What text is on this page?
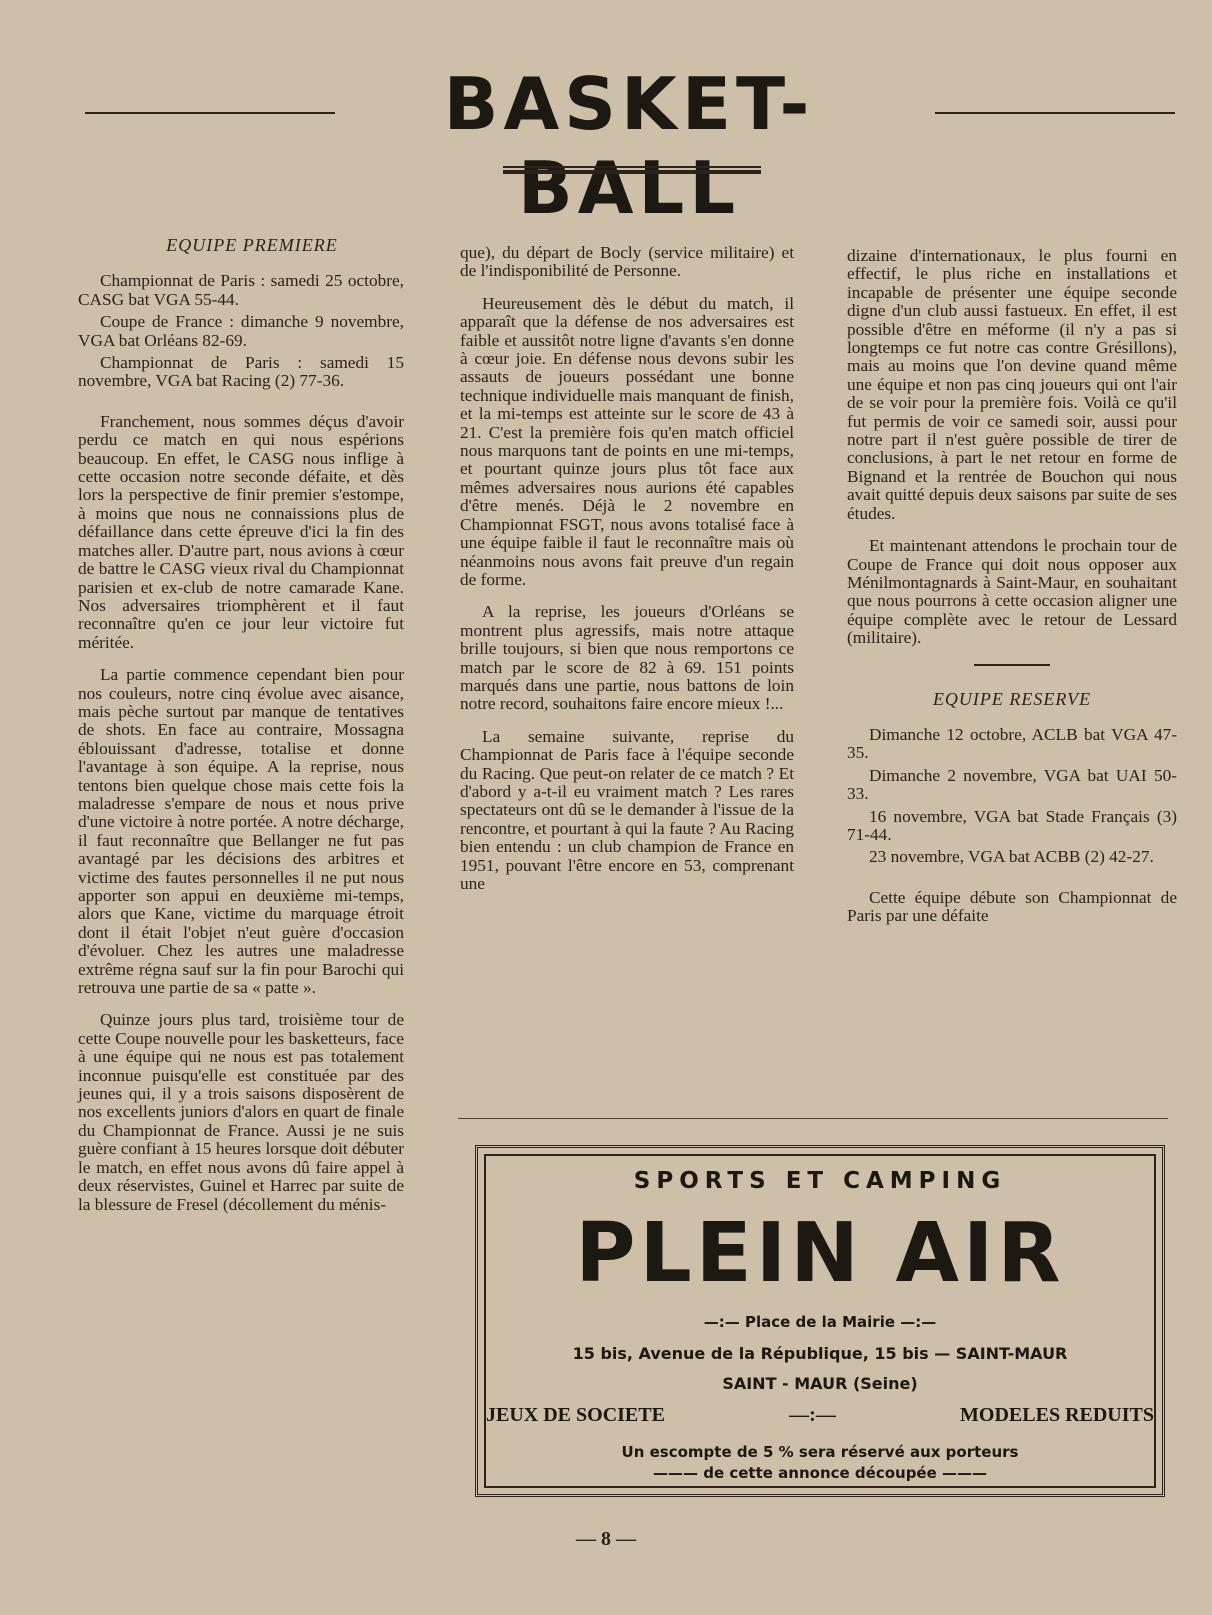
BASKET-BALL
EQUIPE PREMIERE

Championnat de Paris : samedi 25 octobre, CASG bat VGA 55-44.

Coupe de France : dimanche 9 novembre, VGA bat Orléans 82-69.

Championnat de Paris : samedi 15 novembre, VGA bat Racing (2) 77-36.

Franchement, nous sommes déçus d'avoir perdu ce match en qui nous espérions beaucoup. En effet, le CASG nous inflige à cette occasion notre seconde défaite, et dès lors la perspective de finir premier s'estompe, à moins que nous ne connaissions plus de défaillance dans cette épreuve d'ici la fin des matches aller. D'autre part, nous avions à cœur de battre le CASG vieux rival du Championnat parisien et ex-club de notre camarade Kane. Nos adversaires triomphèrent et il faut reconnaître qu'en ce jour leur victoire fut méritée.

La partie commence cependant bien pour nos couleurs, notre cinq évolue avec aisance, mais pèche surtout par manque de tentatives de shots. En face au contraire, Mossagna éblouissant d'adresse, totalise et donne l'avantage à son équipe. A la reprise, nous tentons bien quelque chose mais cette fois la maladresse s'empare de nous et nous prive d'une victoire à notre portée. A notre décharge, il faut reconnaître que Bellanger ne fut pas avantagé par les décisions des arbitres et victime des fautes personnelles il ne put nous apporter son appui en deuxième mi-temps, alors que Kane, victime du marquage étroit dont il était l'objet n'eut guère d'occasion d'évoluer. Chez les autres une maladresse extrême régna sauf sur la fin pour Barochi qui retrouva une partie de sa « patte ».

Quinze jours plus tard, troisième tour de cette Coupe nouvelle pour les basketteurs, face à une équipe qui ne nous est pas totalement inconnue puisqu'elle est constituée par des jeunes qui, il y a trois saisons disposèrent de nos excellents juniors d'alors en quart de finale du Championnat de France. Aussi je ne suis guère confiant à 15 heures lorsque doit débuter le match, en effet nous avons dû faire appel à deux réservistes, Guinel et Harrec par suite de la blessure de Fresel (décollement du ménis-

que), du départ de Bocly (service militaire) et de l'indisponibilité de Personne.

Heureusement dès le début du match, il apparaît que la défense de nos adversaires est faible et aussitôt notre ligne d'avants s'en donne à cœur joie. En défense nous devons subir les assauts de joueurs possédant une bonne technique individuelle mais manquant de finish, et la mi-temps est atteinte sur le score de 43 à 21. C'est la première fois qu'en match officiel nous marquons tant de points en une mi-temps, et pourtant quinze jours plus tôt face aux mêmes adversaires nous aurions été capables d'être menés. Déjà le 2 novembre en Championnat FSGT, nous avons totalisé face à une équipe faible il faut le reconnaître mais où néanmoins nous avons fait preuve d'un regain de forme.

A la reprise, les joueurs d'Orléans se montrent plus agressifs, mais notre attaque brille toujours, si bien que nous remportons ce match par le score de 82 à 69. 151 points marqués dans une partie, nous battons de loin notre record, souhaitons faire encore mieux !...

La semaine suivante, reprise du Championnat de Paris face à l'équipe seconde du Racing. Que peut-on relater de ce match ? Et d'abord y a-t-il eu vraiment match ? Les rares spectateurs ont dû se le demander à l'issue de la rencontre, et pourtant à qui la faute ? Au Racing bien entendu : un club champion de France en 1951, pouvant l'être encore en 53, comprenant une

dizaine d'internationaux, le plus fourni en effectif, le plus riche en installations et incapable de présenter une équipe seconde digne d'un club aussi fastueux. En effet, il est possible d'être en méforme (il n'y a pas si longtemps ce fut notre cas contre Grésillons), mais au moins que l'on devine quand même une équipe et non pas cinq joueurs qui ont l'air de se voir pour la première fois. Voilà ce qu'il fut permis de voir ce samedi soir, aussi pour notre part il n'est guère possible de tirer de conclusions, à part le net retour en forme de Bignand et la rentrée de Bouchon qui nous avait quitté depuis deux saisons par suite de ses études.

Et maintenant attendons le prochain tour de Coupe de France qui doit nous opposer aux Ménilmontagnards à Saint-Maur, en souhaitant que nous pourrons à cette occasion aligner une équipe complète avec le retour de Lessard (militaire).

EQUIPE RESERVE

Dimanche 12 octobre, ACLB bat VGA 47-35.

Dimanche 2 novembre, VGA bat UAI 50-33.

16 novembre, VGA bat Stade Français (3) 71-44.

23 novembre, VGA bat ACBB (2) 42-27.

Cette équipe débute son Championnat de Paris par une défaite

SPORTS ET CAMPING
PLEIN AIR
—:— Place de la Mairie —:—
15 bis, Avenue de la République, 15 bis — SAINT-MAUR
SAINT - MAUR (Seine)
JEUX DE SOCIETE	—:—	MODELES REDUITS
Un escompte de 5 % sera réservé aux porteurs
——— de cette annonce découpée ———
— 8 —
